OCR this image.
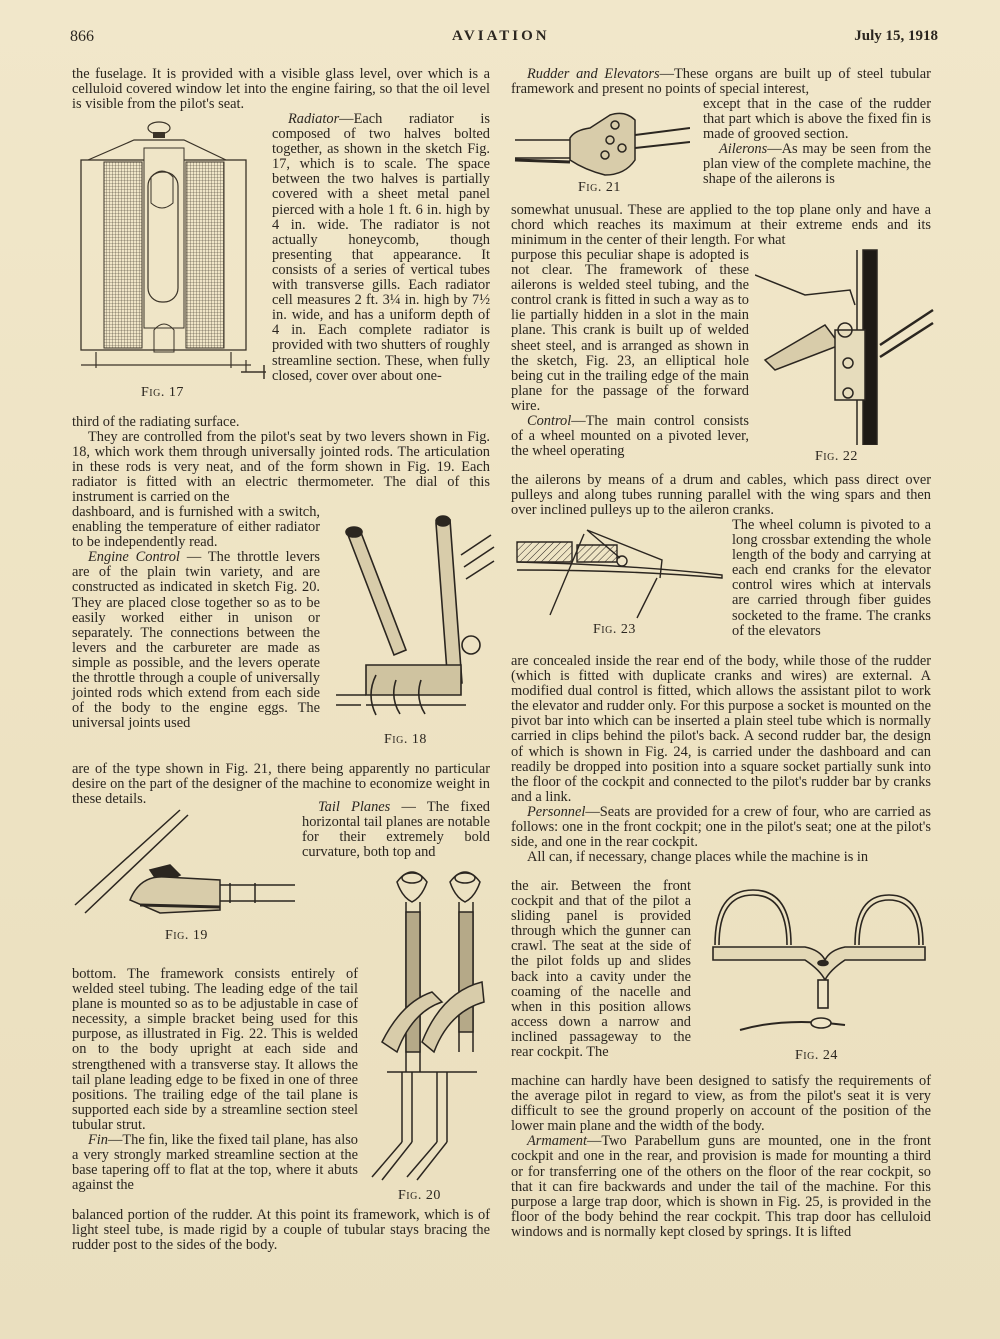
866	AVIATION	July 15, 1918

the fuselage. It is provided with a visible glass level, over which is a celluloid covered window let into the engine fairing, so that the oil level is visible from the pilot's seat.

Fig. 17

Radiator—Each radiator is composed of two halves bolted together, as shown in the sketch Fig. 17, which is to scale. The space between the two halves is partially covered with a sheet metal panel pierced with a hole 1 ft. 6 in. high by 4 in. wide. The radiator is not actually honeycomb, though presenting that appearance. It consists of a series of vertical tubes with transverse gills. Each radiator cell measures 2 ft. 3¼ in. high by 7½ in. wide, and has a uniform depth of 4 in. Each complete radiator is provided with two shutters of roughly streamline section. These, when fully closed, cover over about one-

third of the radiating surface.

They are controlled from the pilot's seat by two levers shown in Fig. 18, which work them through universally jointed rods. The articulation in these rods is very neat, and of the form shown in Fig. 19. Each radiator is fitted with an electric thermometer. The dial of this instrument is carried on the

dashboard, and is furnished with a switch, enabling the temperature of either radiator to be independently read.

Engine Control — The throttle levers are of the plain twin variety, and are constructed as indicated in sketch Fig. 20. They are placed close together so as to be easily worked either in unison or separately. The connections between the levers and the carbureter are made as simple as possible, and the levers operate the throttle through a couple of universally jointed rods which extend from each side of the body to the engine eggs. The universal joints used

Fig. 18

are of the type shown in Fig. 21, there being apparently no particular desire on the part of the designer of the machine to economize weight in these details.

Fig. 19

Tail Planes — The fixed horizontal tail planes are notable for their extremely bold curvature, both top and

bottom. The framework consists entirely of welded steel tubing. The leading edge of the tail plane is mounted so as to be adjustable in case of necessity, a simple bracket being used for this purpose, as illustrated in Fig. 22. This is welded on to the body upright at each side and strengthened with a transverse stay. It allows the tail plane leading edge to be fixed in one of three positions. The trailing edge of the tail plane is supported each side by a streamline section steel tubular strut.

Fin—The fin, like the fixed tail plane, has also a very strongly marked streamline section at the base tapering off to flat at the top, where it abuts against the

Fig. 20

balanced portion of the rudder. At this point its framework, which is of light steel tube, is made rigid by a couple of tubular stays bracing the rudder post to the sides of the body.

Rudder and Elevators—These organs are built up of steel tubular framework and present no points of special interest,

Fig. 21

except that in the case of the rudder that part which is above the fixed fin is made of grooved section.

Ailerons—As may be seen from the plan view of the complete machine, the shape of the ailerons is

somewhat unusual. These are applied to the top plane only and have a chord which reaches its maximum at their extreme ends and its minimum in the center of their length. For what

purpose this peculiar shape is adopted is not clear. The framework of these ailerons is welded steel tubing, and the control crank is fitted in such a way as to lie partially hidden in a slot in the main plane. This crank is built up of welded sheet steel, and is arranged as shown in the sketch, Fig. 23, an elliptical hole being cut in the trailing edge of the main plane for the passage of the forward wire.

Control—The main control consists of a wheel mounted on a pivoted lever, the wheel operating	Fig. 22

the ailerons by means of a drum and cables, which pass direct over pulleys and along tubes running parallel with the wing spars and then over inclined pulleys up to the aileron cranks.

Fig. 23

The wheel column is pivoted to a long crossbar extending the whole length of the body and carrying at each end cranks for the elevator control wires which at intervals are carried through fiber guides socketed to the frame. The cranks of the elevators

are concealed inside the rear end of the body, while those of the rudder (which is fitted with duplicate cranks and wires) are external. A modified dual control is fitted, which allows the assistant pilot to work the elevator and rudder only. For this purpose a socket is mounted on the pivot bar into which can be inserted a plain steel tube which is normally carried in clips behind the pilot's back. A second rudder bar, the design of which is shown in Fig. 24, is carried under the dashboard and can readily be dropped into position into a square socket partially sunk into the floor of the cockpit and connected to the pilot's rudder bar by cranks and a link.

Personnel—Seats are provided for a crew of four, who are carried as follows: one in the front cockpit; one in the pilot's seat; one at the pilot's side, and one in the rear cockpit.

All can, if necessary, change places while the machine is in

the air. Between the front cockpit and that of the pilot a sliding panel is provided through which the gunner can crawl. The seat at the side of the pilot folds up and slides back into a cavity under the coaming of the nacelle and when in this position allows access down a narrow and inclined passageway to the rear cockpit. The	Fig. 24

machine can hardly have been designed to satisfy the requirements of the average pilot in regard to view, as from the pilot's seat it is very difficult to see the ground properly on account of the position of the lower main plane and the width of the body.

Armament—Two Parabellum guns are mounted, one in the front cockpit and one in the rear, and provision is made for mounting a third or for transferring one of the others on the floor of the rear cockpit, so that it can fire backwards and under the tail of the machine. For this purpose a large trap door, which is shown in Fig. 25, is provided in the floor of the body behind the rear cockpit. This trap door has celluloid windows and is normally kept closed by springs. It is lifted
